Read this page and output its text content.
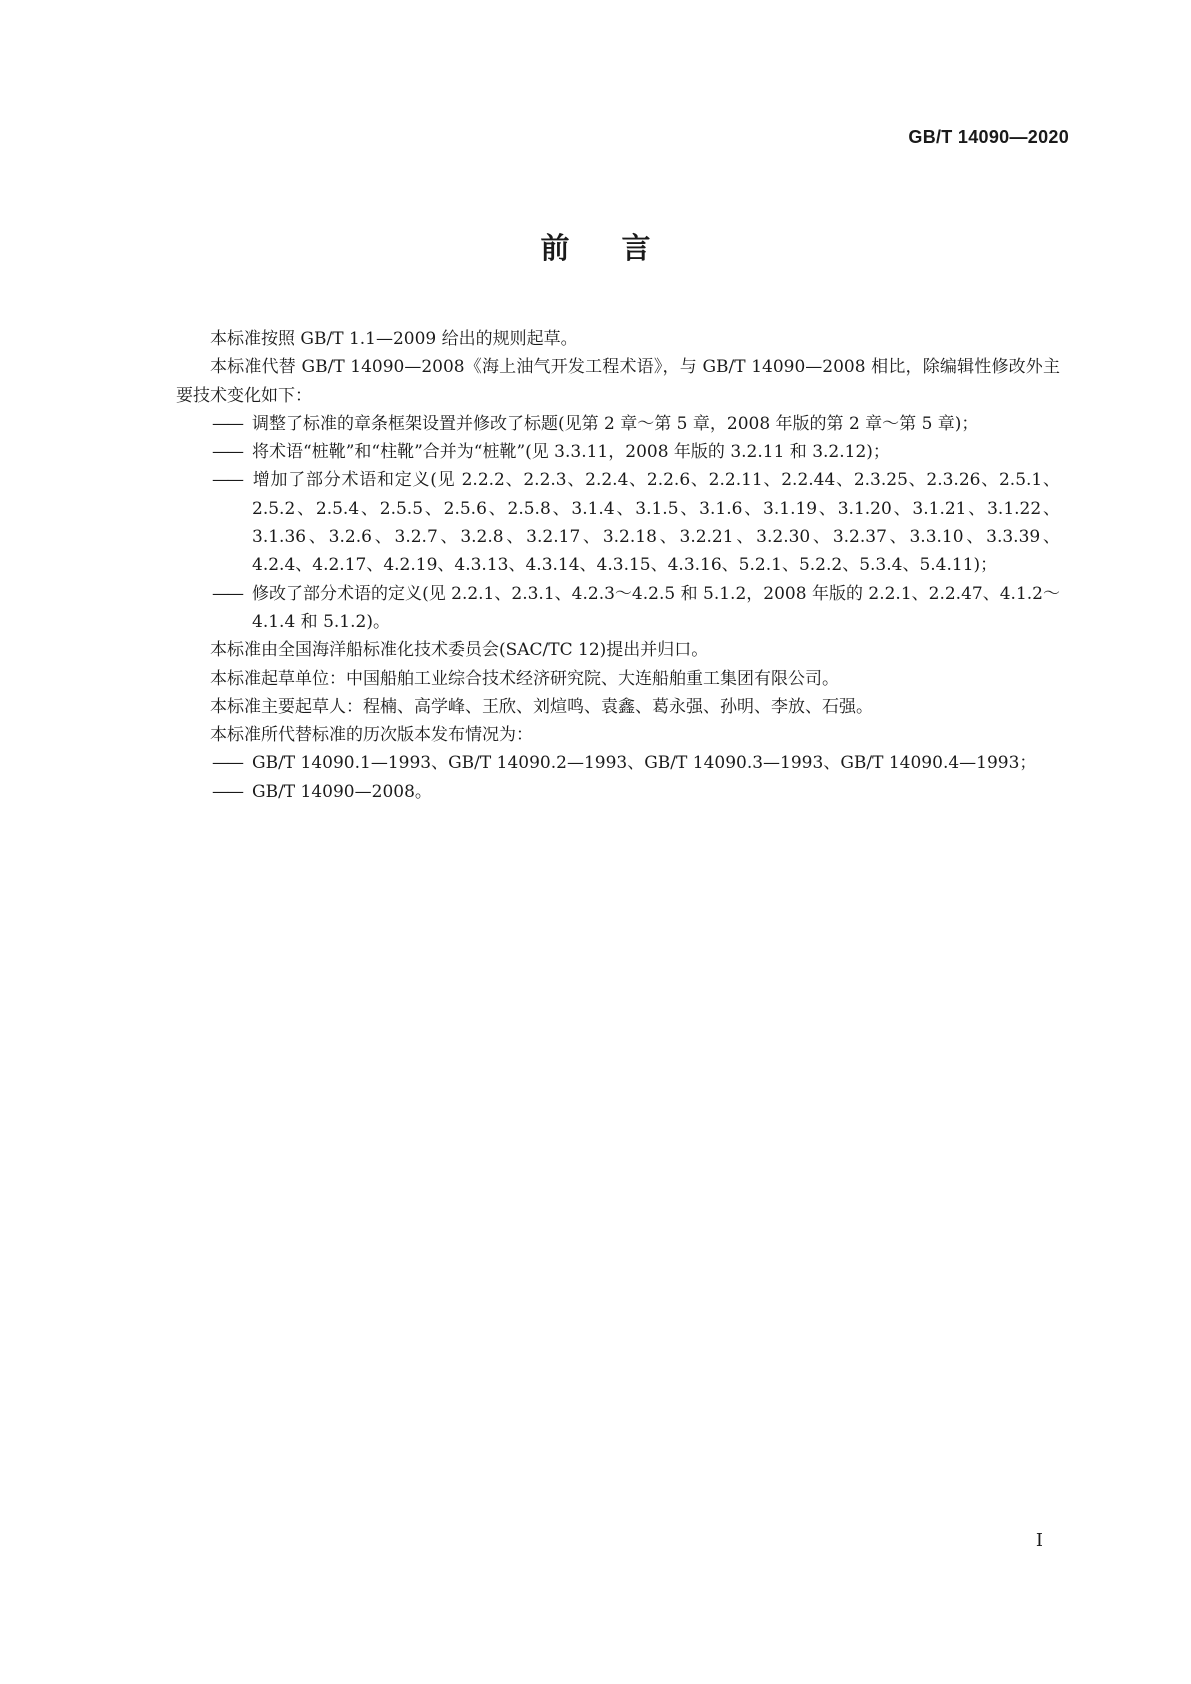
GB/T 14090—2020
前言

本标准按照 GB/T 1.1—2009 给出的规则起草。

本标准代替 GB/T 14090—2008《海上油气开发工程术语》，与 GB/T 14090—2008 相比，除编辑性修改外主要技术变化如下：

—— 调整了标准的章条框架设置并修改了标题(见第 2 章～第 5 章，2008 年版的第 2 章～第 5 章)；

—— 将术语“桩靴”和“柱靴”合并为“桩靴”(见 3.3.11，2008 年版的 3.2.11 和 3.2.12)；

—— 增加了部分术语和定义(见 2.2.2、2.2.3、2.2.4、2.2.6、2.2.11、2.2.44、2.3.25、2.3.26、2.5.1、2.5.2、2.5.4、2.5.5、2.5.6、2.5.8、3.1.4、3.1.5、3.1.6、3.1.19、3.1.20、3.1.21、3.1.22、3.1.36、3.2.6、3.2.7、3.2.8、3.2.17、3.2.18、3.2.21、3.2.30、3.2.37、3.3.10、3.3.39、4.2.4、4.2.17、4.2.19、4.3.13、4.3.14、4.3.15、4.3.16、5.2.1、5.2.2、5.3.4、5.4.11)；

—— 修改了部分术语的定义(见 2.2.1、2.3.1、4.2.3～4.2.5 和 5.1.2，2008 年版的 2.2.1、2.2.47、4.1.2～4.1.4 和 5.1.2)。

本标准由全国海洋船标准化技术委员会(SAC/TC 12)提出并归口。

本标准起草单位：中国船舶工业综合技术经济研究院、大连船舶重工集团有限公司。

本标准主要起草人：程楠、高学峰、王欣、刘煊鸣、袁鑫、葛永强、孙明、李放、石强。

本标准所代替标准的历次版本发布情况为：

—— GB/T 14090.1—1993、GB/T 14090.2—1993、GB/T 14090.3—1993、GB/T 14090.4—1993；

—— GB/T 14090—2008。

I
